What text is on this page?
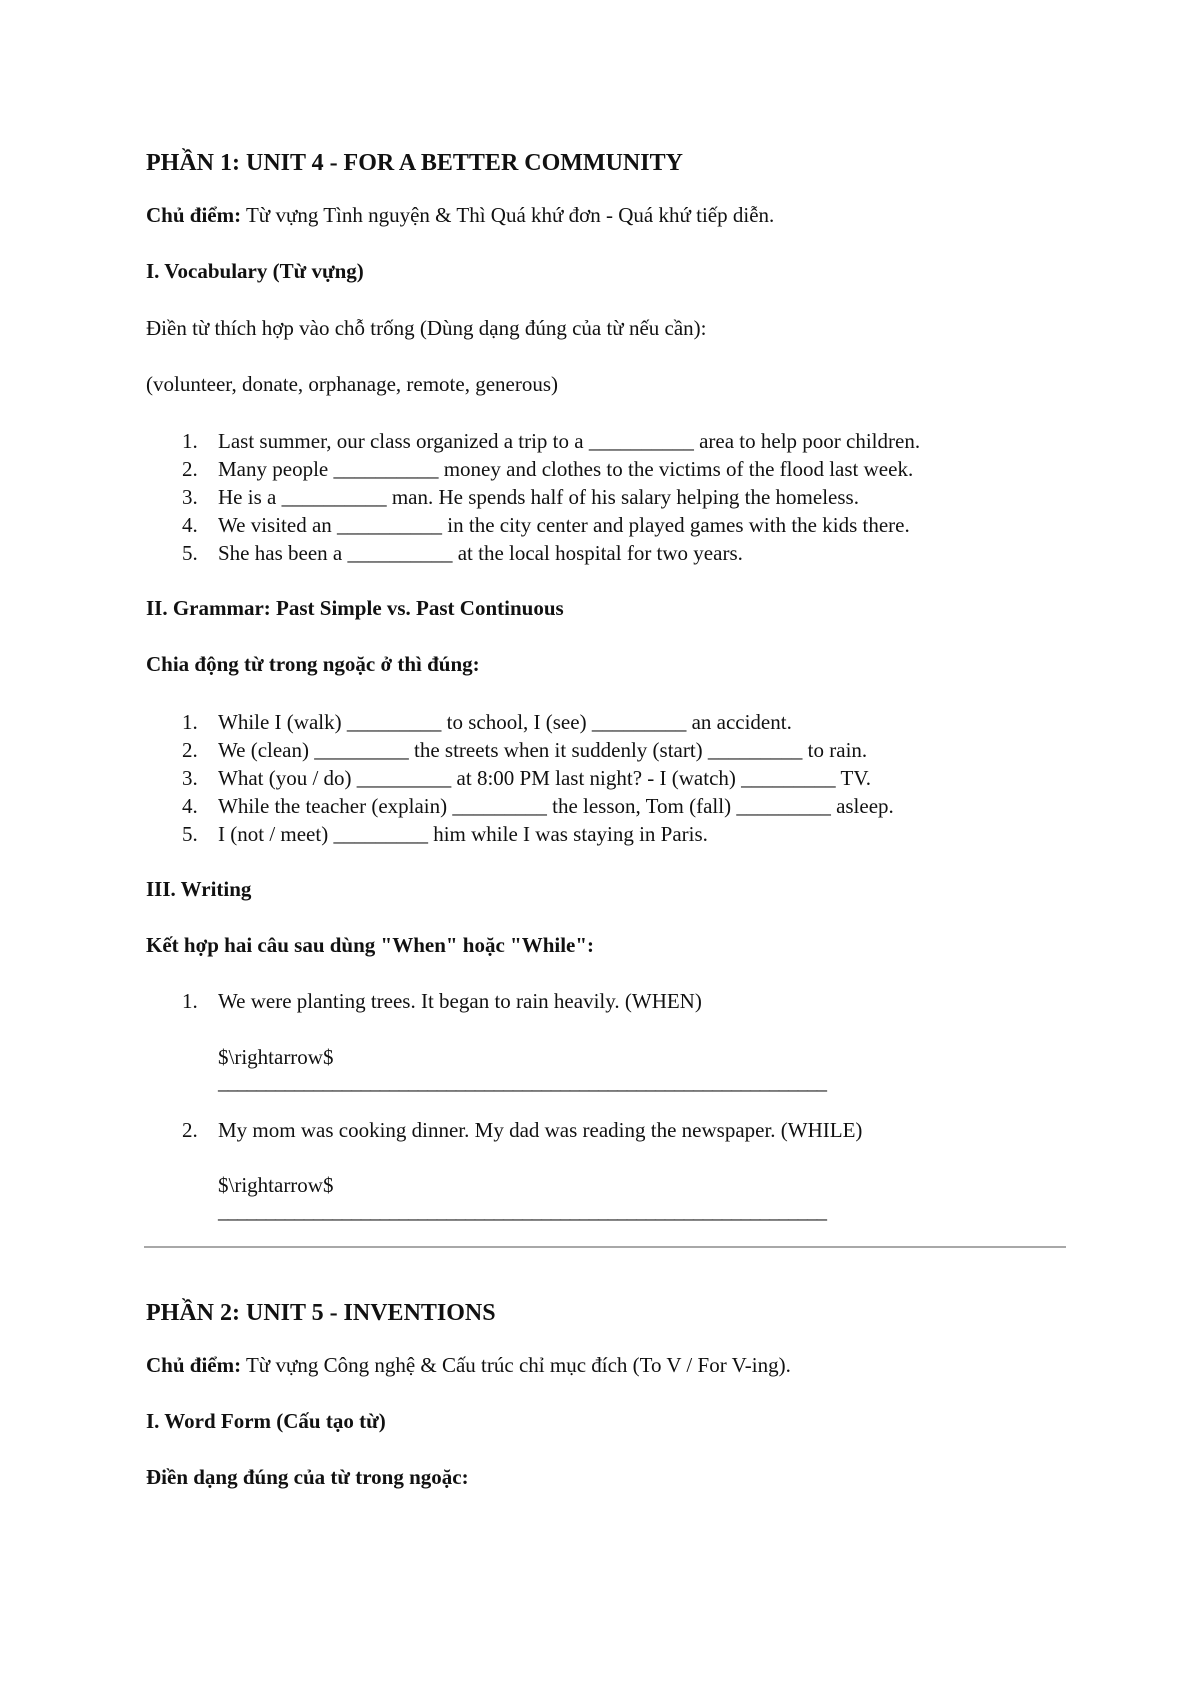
PHẦN 1: UNIT 4 - FOR A BETTER COMMUNITY

Chủ điểm: Từ vựng Tình nguyện & Thì Quá khứ đơn - Quá khứ tiếp diễn.

I. Vocabulary (Từ vựng)

Điền từ thích hợp vào chỗ trống (Dùng dạng đúng của từ nếu cần):

(volunteer, donate, orphanage, remote, generous)

Last summer, our class organized a trip to a __________ area to help poor children.
Many people __________ money and clothes to the victims of the flood last week.
He is a __________ man. He spends half of his salary helping the homeless.
We visited an __________ in the city center and played games with the kids there.
She has been a __________ at the local hospital for two years.
II. Grammar: Past Simple vs. Past Continuous

Chia động từ trong ngoặc ở thì đúng:

While I (walk) _________ to school, I (see) _________ an accident.
We (clean) _________ the streets when it suddenly (start) _________ to rain.
What (you / do) _________ at 8:00 PM last night? - I (watch) _________ TV.
While the teacher (explain) _________ the lesson, Tom (fall) _________ asleep.
I (not / meet) _________ him while I was staying in Paris.
III. Writing

Kết hợp hai câu sau dùng "When" hoặc "While":

1. We were planting trees. It began to rain heavily. (WHEN)

$\rightarrow$

________________________________________________________________

2. My mom was cooking dinner. My dad was reading the newspaper. (WHILE)

$\rightarrow$

________________________________________________________________

PHẦN 2: UNIT 5 - INVENTIONS

Chủ điểm: Từ vựng Công nghệ & Cấu trúc chỉ mục đích (To V / For V-ing).

I. Word Form (Cấu tạo từ)

Điền dạng đúng của từ trong ngoặc:
